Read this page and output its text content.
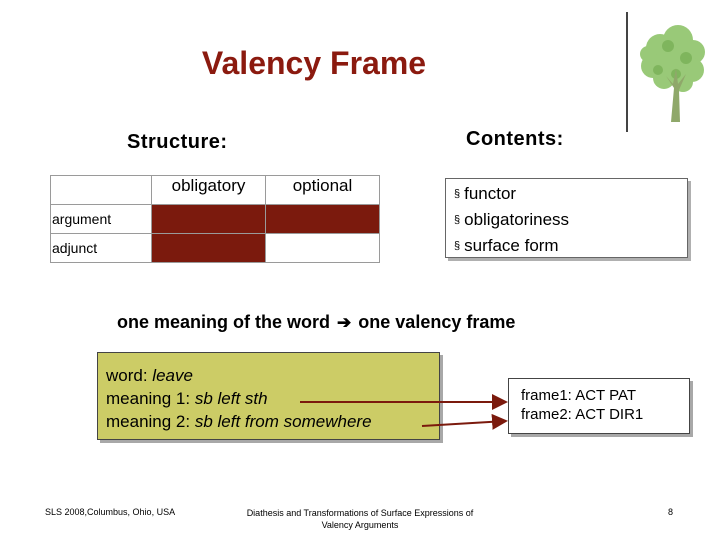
Valency Frame
Structure:	Contents:
	obligatory	optional
argument		
adjunct		
§ functor
§ obligatoriness
§ surface form
one meaning of the word ➔ one valency frame
word: leave
meaning 1: sb left sth
meaning 2: sb left from somewhere
frame1: ACT PAT
frame2: ACT DIR1
SLS 2008,Columbus, Ohio, USA	Diathesis and Transformations of Surface Expressions of
Valency Arguments
8
